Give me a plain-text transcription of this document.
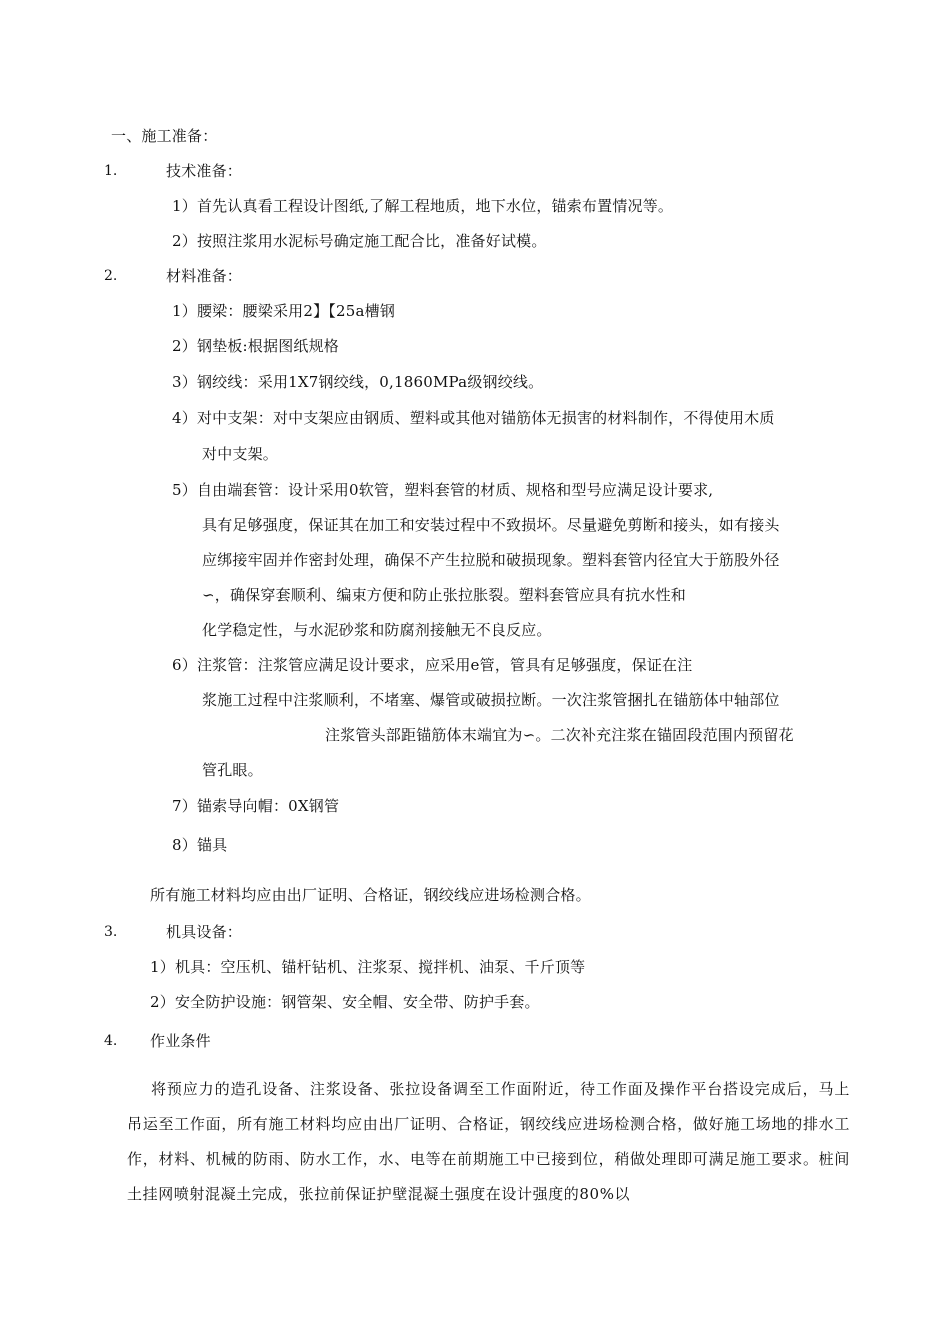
一、施工准备：
1.	技术准备：
1）首先认真看工程设计图纸,了解工程地质，地下水位，锚索布置情况等。
2）按照注浆用水泥标号确定施工配合比，准备好试模。
2.	材料准备：
1）腰梁：腰梁采用2】【25a槽钢
2）钢垫板:根据图纸规格
3）钢绞线：采用1X7钢绞线，0,1860MPa级钢绞线。
4）对中支架：对中支架应由钢质、塑料或其他对锚筋体无损害的材料制作，不得使用木质
对中支架。
5）自由端套管：设计采用0软管，塑料套管的材质、规格和型号应满足设计要求,
具有足够强度，保证其在加工和安装过程中不致损坏。尽量避免剪断和接头，如有接头
应绑接牢固并作密封处理，确保不产生拉脱和破损现象。塑料套管内径宜大于筋股外径
∽，确保穿套顺利、编束方便和防止张拉胀裂。塑料套管应具有抗水性和
化学稳定性，与水泥砂浆和防腐剂接触无不良反应。
6）注浆管：注浆管应满足设计要求，应采用e管，管具有足够强度，保证在注
浆施工过程中注浆顺利，不堵塞、爆管或破损拉断。一次注浆管捆扎在锚筋体中轴部位
注浆管头部距锚筋体末端宜为∽。二次补充注浆在锚固段范围内预留花
管孔眼。
7）锚索导向帽：0X钢管
8）锚具
所有施工材料均应由出厂证明、合格证，钢绞线应进场检测合格。
3.	机具设备：
1）机具：空压机、锚杆钻机、注浆泵、搅拌机、油泵、千斤顶等
2）安全防护设施：钢管架、安全帽、安全带、防护手套。
4. 作业条件
将预应力的造孔设备、注浆设备、张拉设备调至工作面附近，待工作面及操作平台搭设完成后，马上吊运至工作面，所有施工材料均应由出厂证明、合格证，钢绞线应进场检测合格，做好施工场地的排水工作，材料、机械的防雨、防水工作，水、电等在前期施工中已接到位，稍做处理即可满足施工要求。桩间土挂网喷射混凝土完成，张拉前保证护壁混凝土强度在设计强度的80%以
